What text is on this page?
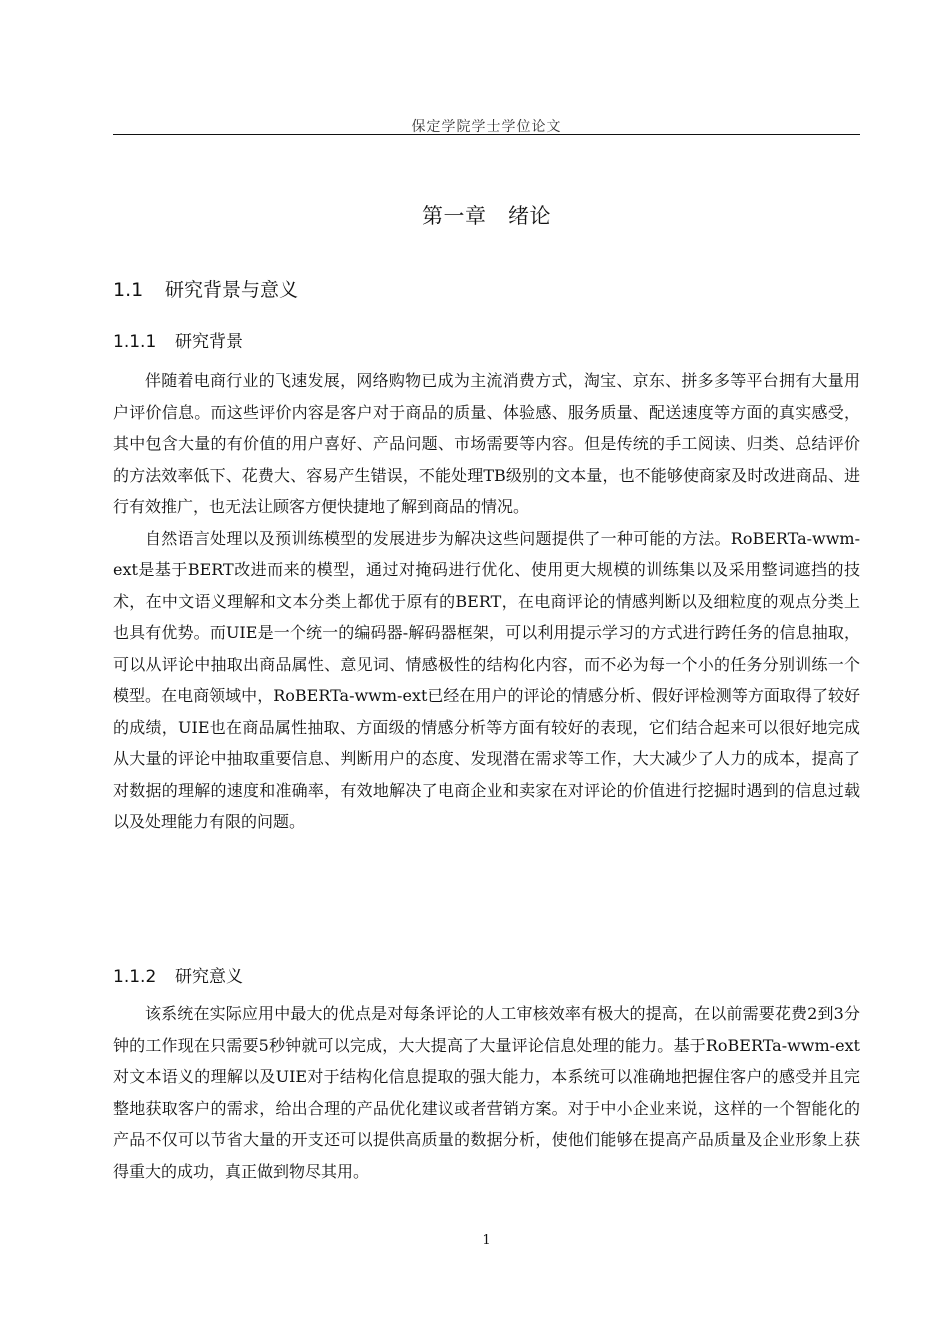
保定学院学士学位论文
第一章　绪论
1.1 研究背景与意义
1.1.1 研究背景

伴随着电商行业的飞速发展，网络购物已成为主流消费方式，淘宝、京东、拼多多等平台拥有大量用户评价信息。而这些评价内容是客户对于商品的质量、体验感、服务质量、配送速度等方面的真实感受，其中包含大量的有价值的用户喜好、产品问题、市场需要等内容。但是传统的手工阅读、归类、总结评价的方法效率低下、花费大、容易产生错误，不能处理TB级别的文本量，也不能够使商家及时改进商品、进行有效推广，也无法让顾客方便快捷地了解到商品的情况。

自然语言处理以及预训练模型的发展进步为解决这些问题提供了一种可能的方法。RoBERTa-wwm-ext是基于BERT改进而来的模型，通过对掩码进行优化、使用更大规模的训练集以及采用整词遮挡的技术，在中文语义理解和文本分类上都优于原有的BERT，在电商评论的情感判断以及细粒度的观点分类上也具有优势。而UIE是一个统一的编码器-解码器框架，可以利用提示学习的方式进行跨任务的信息抽取，可以从评论中抽取出商品属性、意见词、情感极性的结构化内容，而不必为每一个小的任务分别训练一个模型。在电商领域中，RoBERTa-wwm-ext已经在用户的评论的情感分析、假好评检测等方面取得了较好的成绩，UIE也在商品属性抽取、方面级的情感分析等方面有较好的表现，它们结合起来可以很好地完成从大量的评论中抽取重要信息、判断用户的态度、发现潜在需求等工作，大大减少了人力的成本，提高了对数据的理解的速度和准确率，有效地解决了电商企业和卖家在对评论的价值进行挖掘时遇到的信息过载以及处理能力有限的问题。

1.1.2 研究意义

该系统在实际应用中最大的优点是对每条评论的人工审核效率有极大的提高，在以前需要花费2到3分钟的工作现在只需要5秒钟就可以完成，大大提高了大量评论信息处理的能力。基于RoBERTa-wwm-ext对文本语义的理解以及UIE对于结构化信息提取的强大能力，本系统可以准确地把握住客户的感受并且完整地获取客户的需求，给出合理的产品优化建议或者营销方案。对于中小企业来说，这样的一个智能化的产品不仅可以节省大量的开支还可以提供高质量的数据分析，使他们能够在提高产品质量及企业形象上获得重大的成功，真正做到物尽其用。

1
